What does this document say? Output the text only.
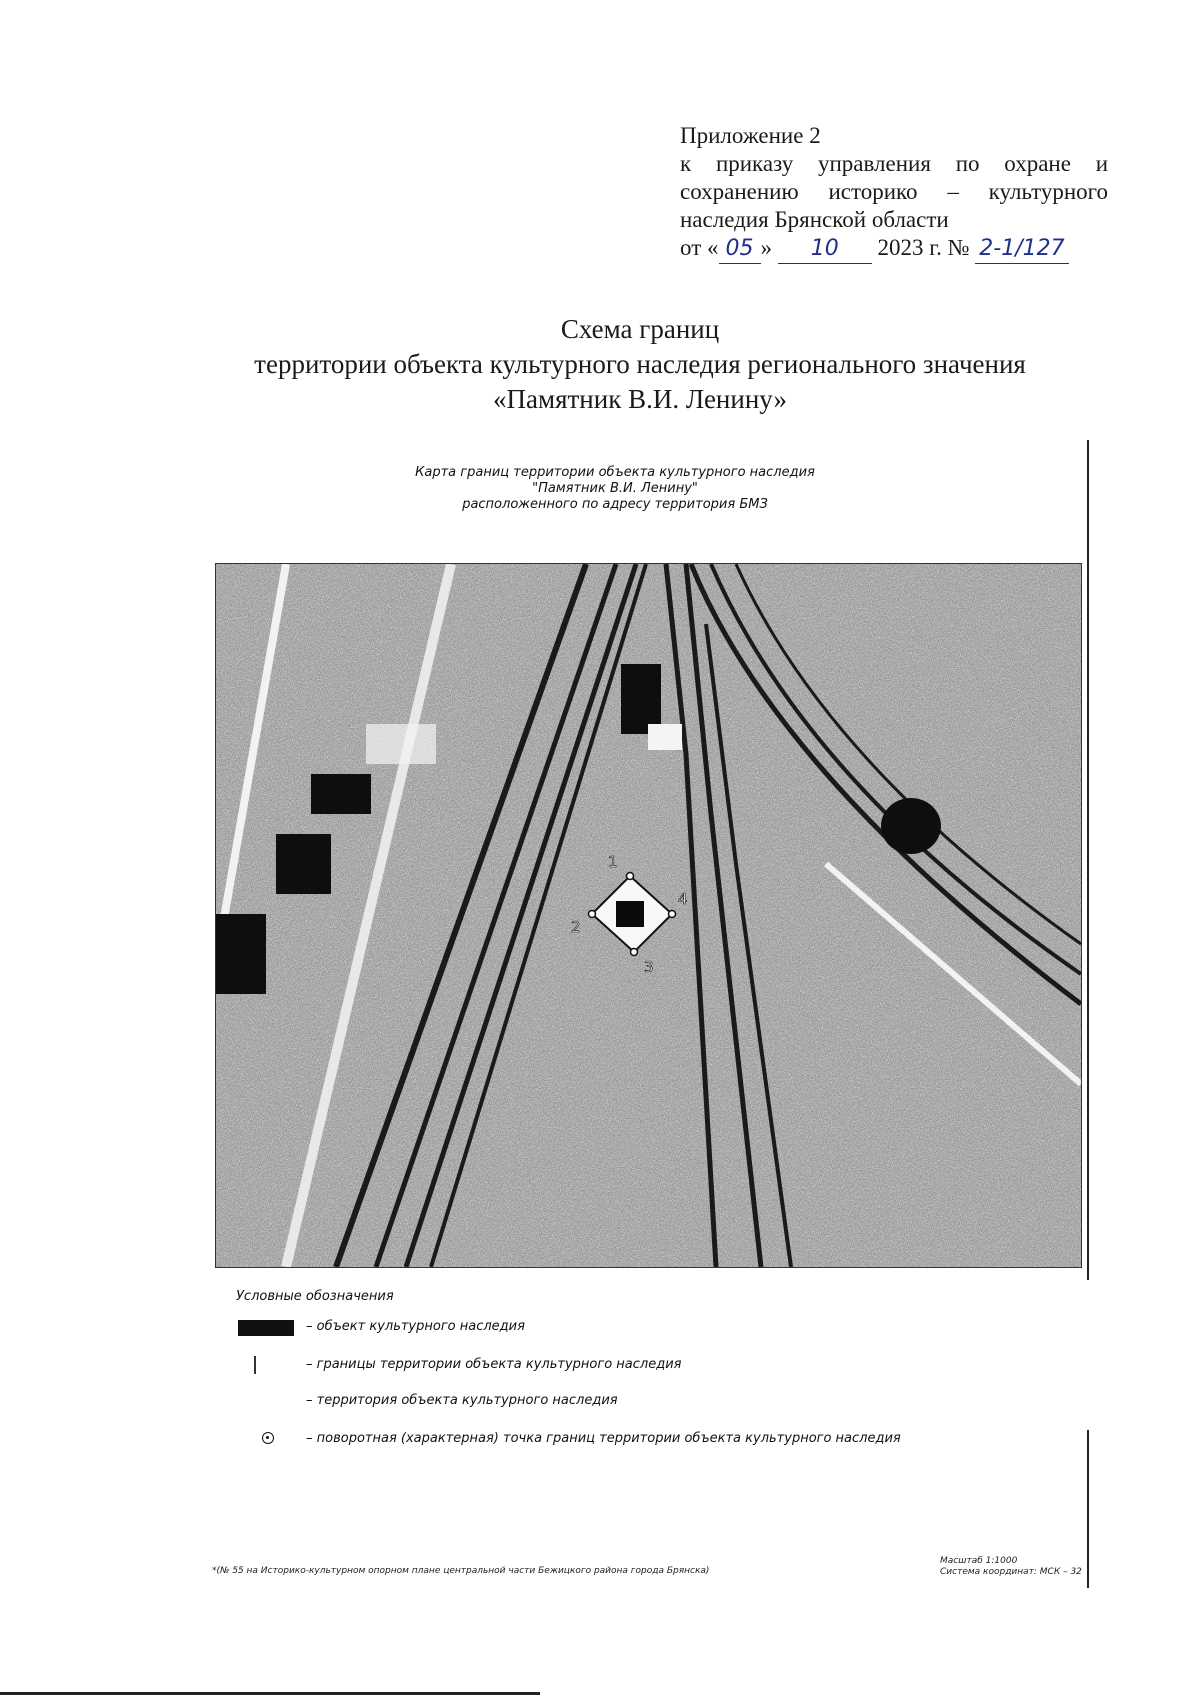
Приложение 2
к приказу управления по охране и сохранению историко – культурного наследия Брянской области
от « 05 » 10 2023 г. № 2-1/127
Схема границ
территории объекта культурного наследия регионального значения
«Памятник В.И. Ленину»
Карта границ территории объекта культурного наследия
"Памятник В.И. Ленину"
расположенного по адресу территория БМЗ
1
2
3
4
Условные обозначения
– объект культурного наследия
– границы территории объекта культурного наследия
– территория объекта культурного наследия
– поворотная (характерная) точка границ территории объекта культурного наследия
*(№ 55 на Историко-культурном опорном плане центральной части Бежицкого района города Брянска)
Масштаб 1:1000
Система координат: МСК – 32
